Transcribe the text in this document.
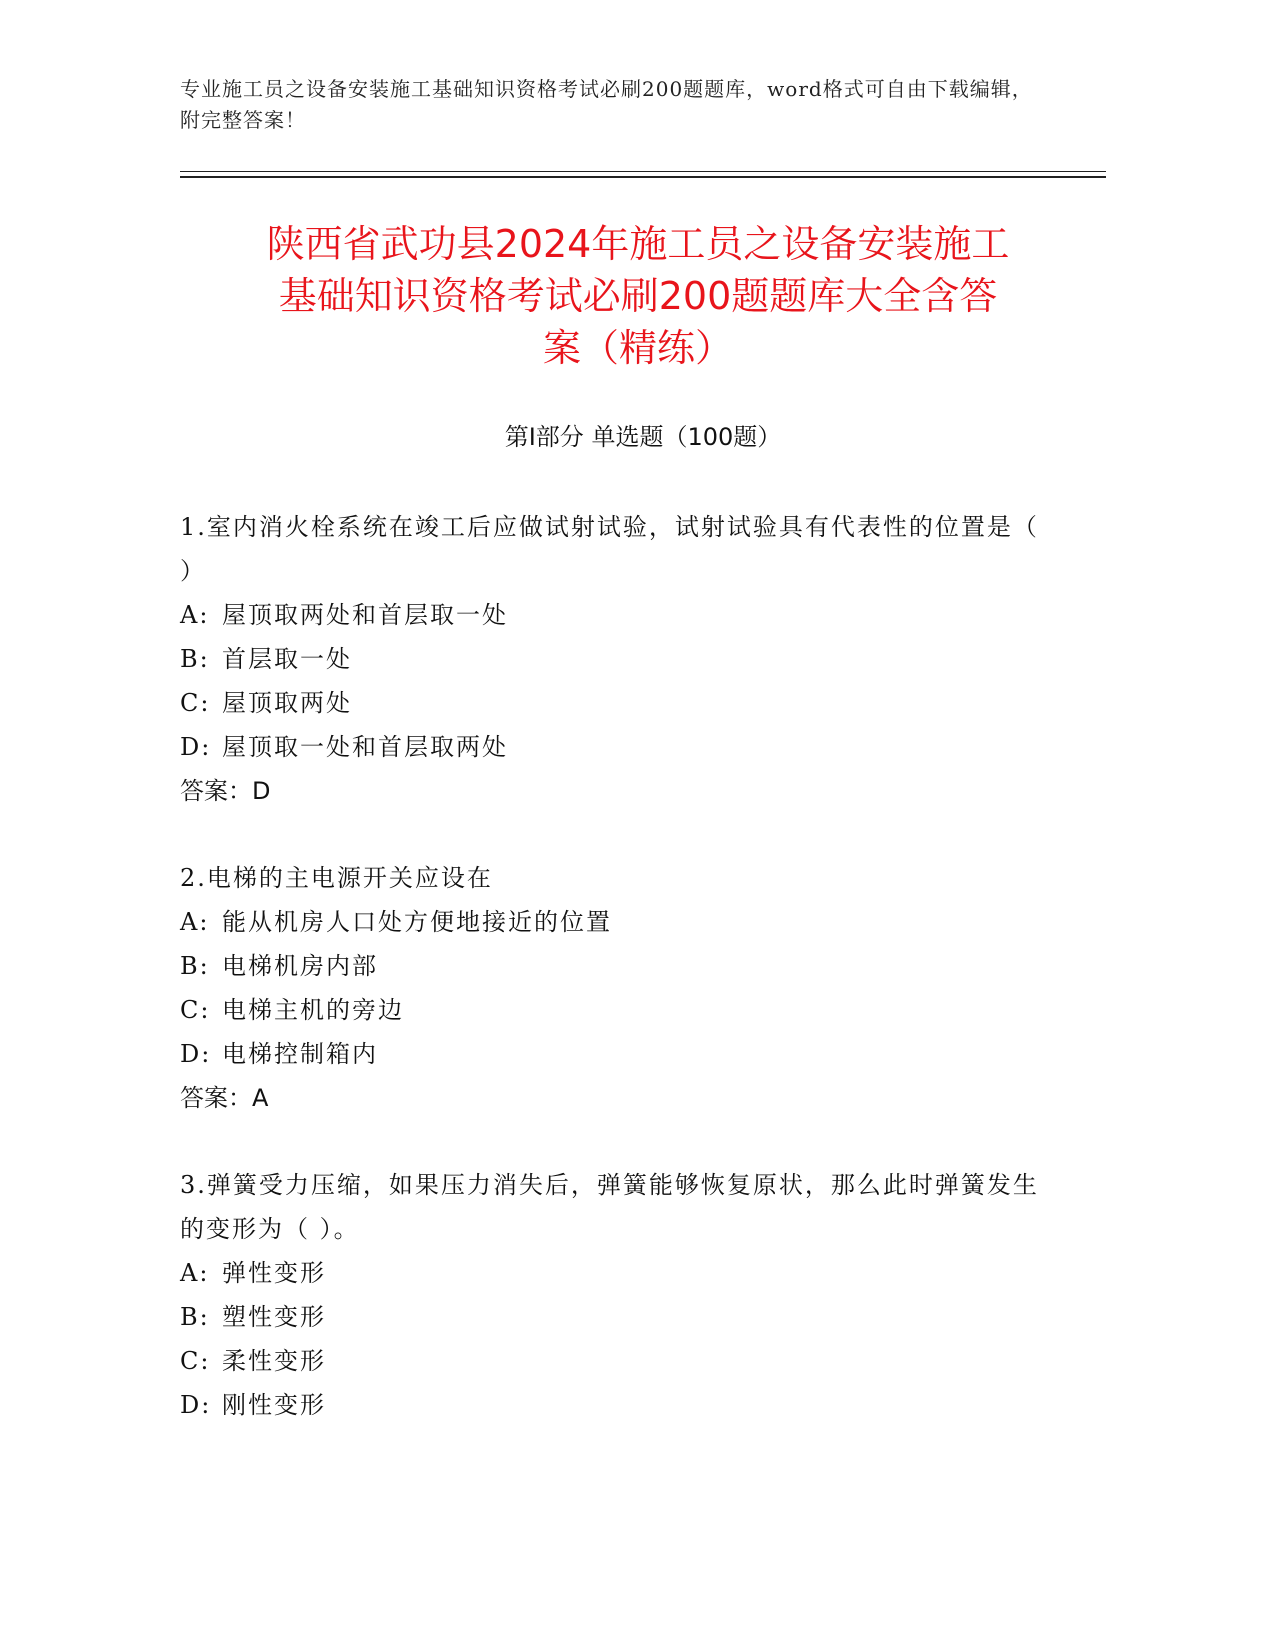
专业施工员之设备安装施工基础知识资格考试必刷200题题库，word格式可自由下载编辑，附完整答案！
陕西省武功县2024年施工员之设备安装施工
基础知识资格考试必刷200题题库大全含答
案（精练）
第I部分 单选题（100题）

1.室内消火栓系统在竣工后应做试射试验，试射试验具有代表性的位置是（ ）

A: 屋顶取两处和首层取一处

B: 首层取一处

C: 屋顶取两处

D: 屋顶取一处和首层取两处

答案：D

2.电梯的主电源开关应设在

A: 能从机房人口处方便地接近的位置

B: 电梯机房内部

C: 电梯主机的旁边

D: 电梯控制箱内

答案：A

3.弹簧受力压缩，如果压力消失后，弹簧能够恢复原状，那么此时弹簧发生的变形为（ ）。

A: 弹性变形

B: 塑性变形

C: 柔性变形

D: 刚性变形
